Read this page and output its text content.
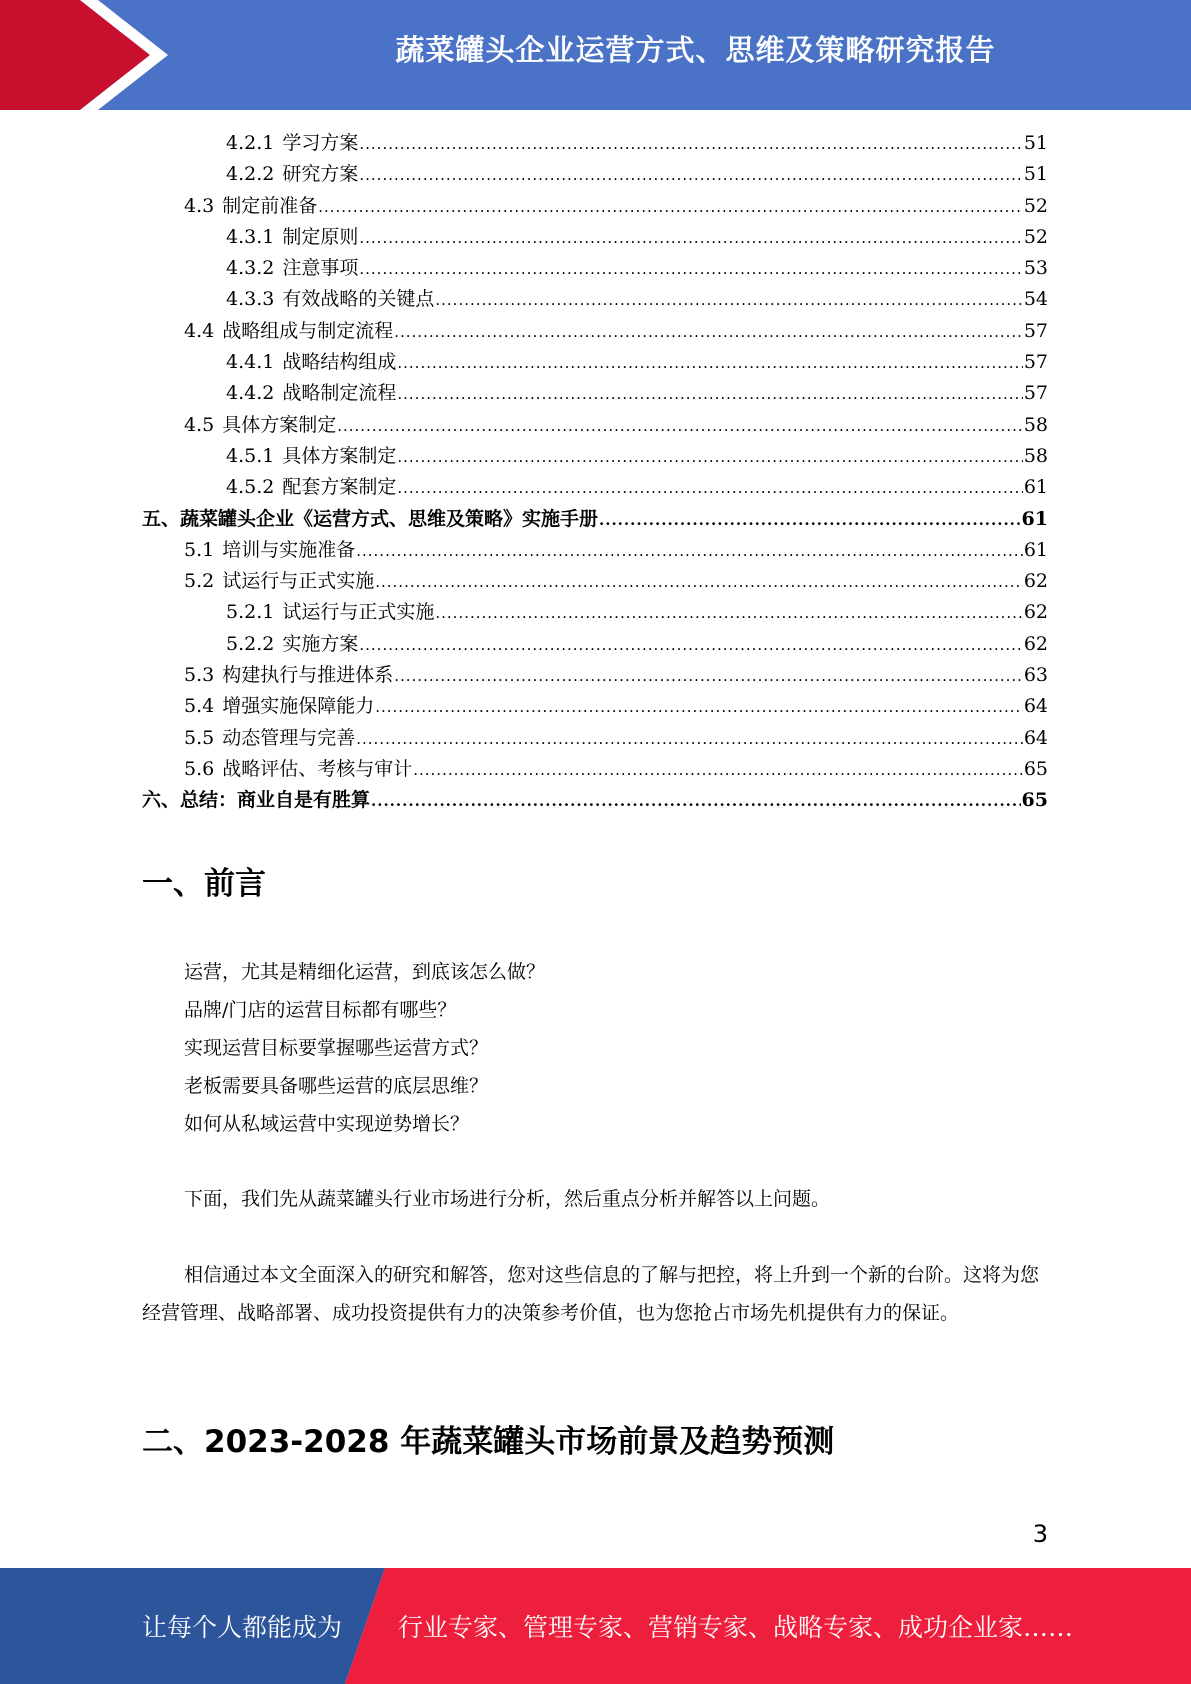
蔬菜罐头企业运营方式、思维及策略研究报告
4.2.1 学习方案 .....	51
4.2.2 研究方案 .....	51
4.3 制定前准备 .....	52
4.3.1 制定原则 .....	52
4.3.2 注意事项 .....	53
4.3.3 有效战略的关键点 .....	54
4.4 战略组成与制定流程 .....	57
4.4.1 战略结构组成 .....	57
4.4.2 战略制定流程 .....	57
4.5 具体方案制定 .....	58
4.5.1 具体方案制定 .....	58
4.5.2 配套方案制定 .....	61
五、蔬菜罐头企业《运营方式、思维及策略》实施手册 .....	61
5.1 培训与实施准备 .....	61
5.2 试运行与正式实施 .....	62
5.2.1 试运行与正式实施 .....	62
5.2.2 实施方案 .....	62
5.3 构建执行与推进体系 .....	63
5.4 增强实施保障能力 .....	64
5.5 动态管理与完善 .....	64
5.6 战略评估、考核与审计 .....	65
六、总结：商业自是有胜算 .....	65
一、前言
运营，尤其是精细化运营，到底该怎么做？
品牌/门店的运营目标都有哪些？
实现运营目标要掌握哪些运营方式？
老板需要具备哪些运营的底层思维？
如何从私域运营中实现逆势增长？
下面，我们先从蔬菜罐头行业市场进行分析，然后重点分析并解答以上问题。
相信通过本文全面深入的研究和解答，您对这些信息的了解与把控，将上升到一个新的台阶。这将为您经营管理、战略部署、成功投资提供有力的决策参考价值，也为您抢占市场先机提供有力的保证。
二、2023-2028 年蔬菜罐头市场前景及趋势预测
3
让每个人都能成为 行业专家、管理专家、营销专家、战略专家、成功企业家……
